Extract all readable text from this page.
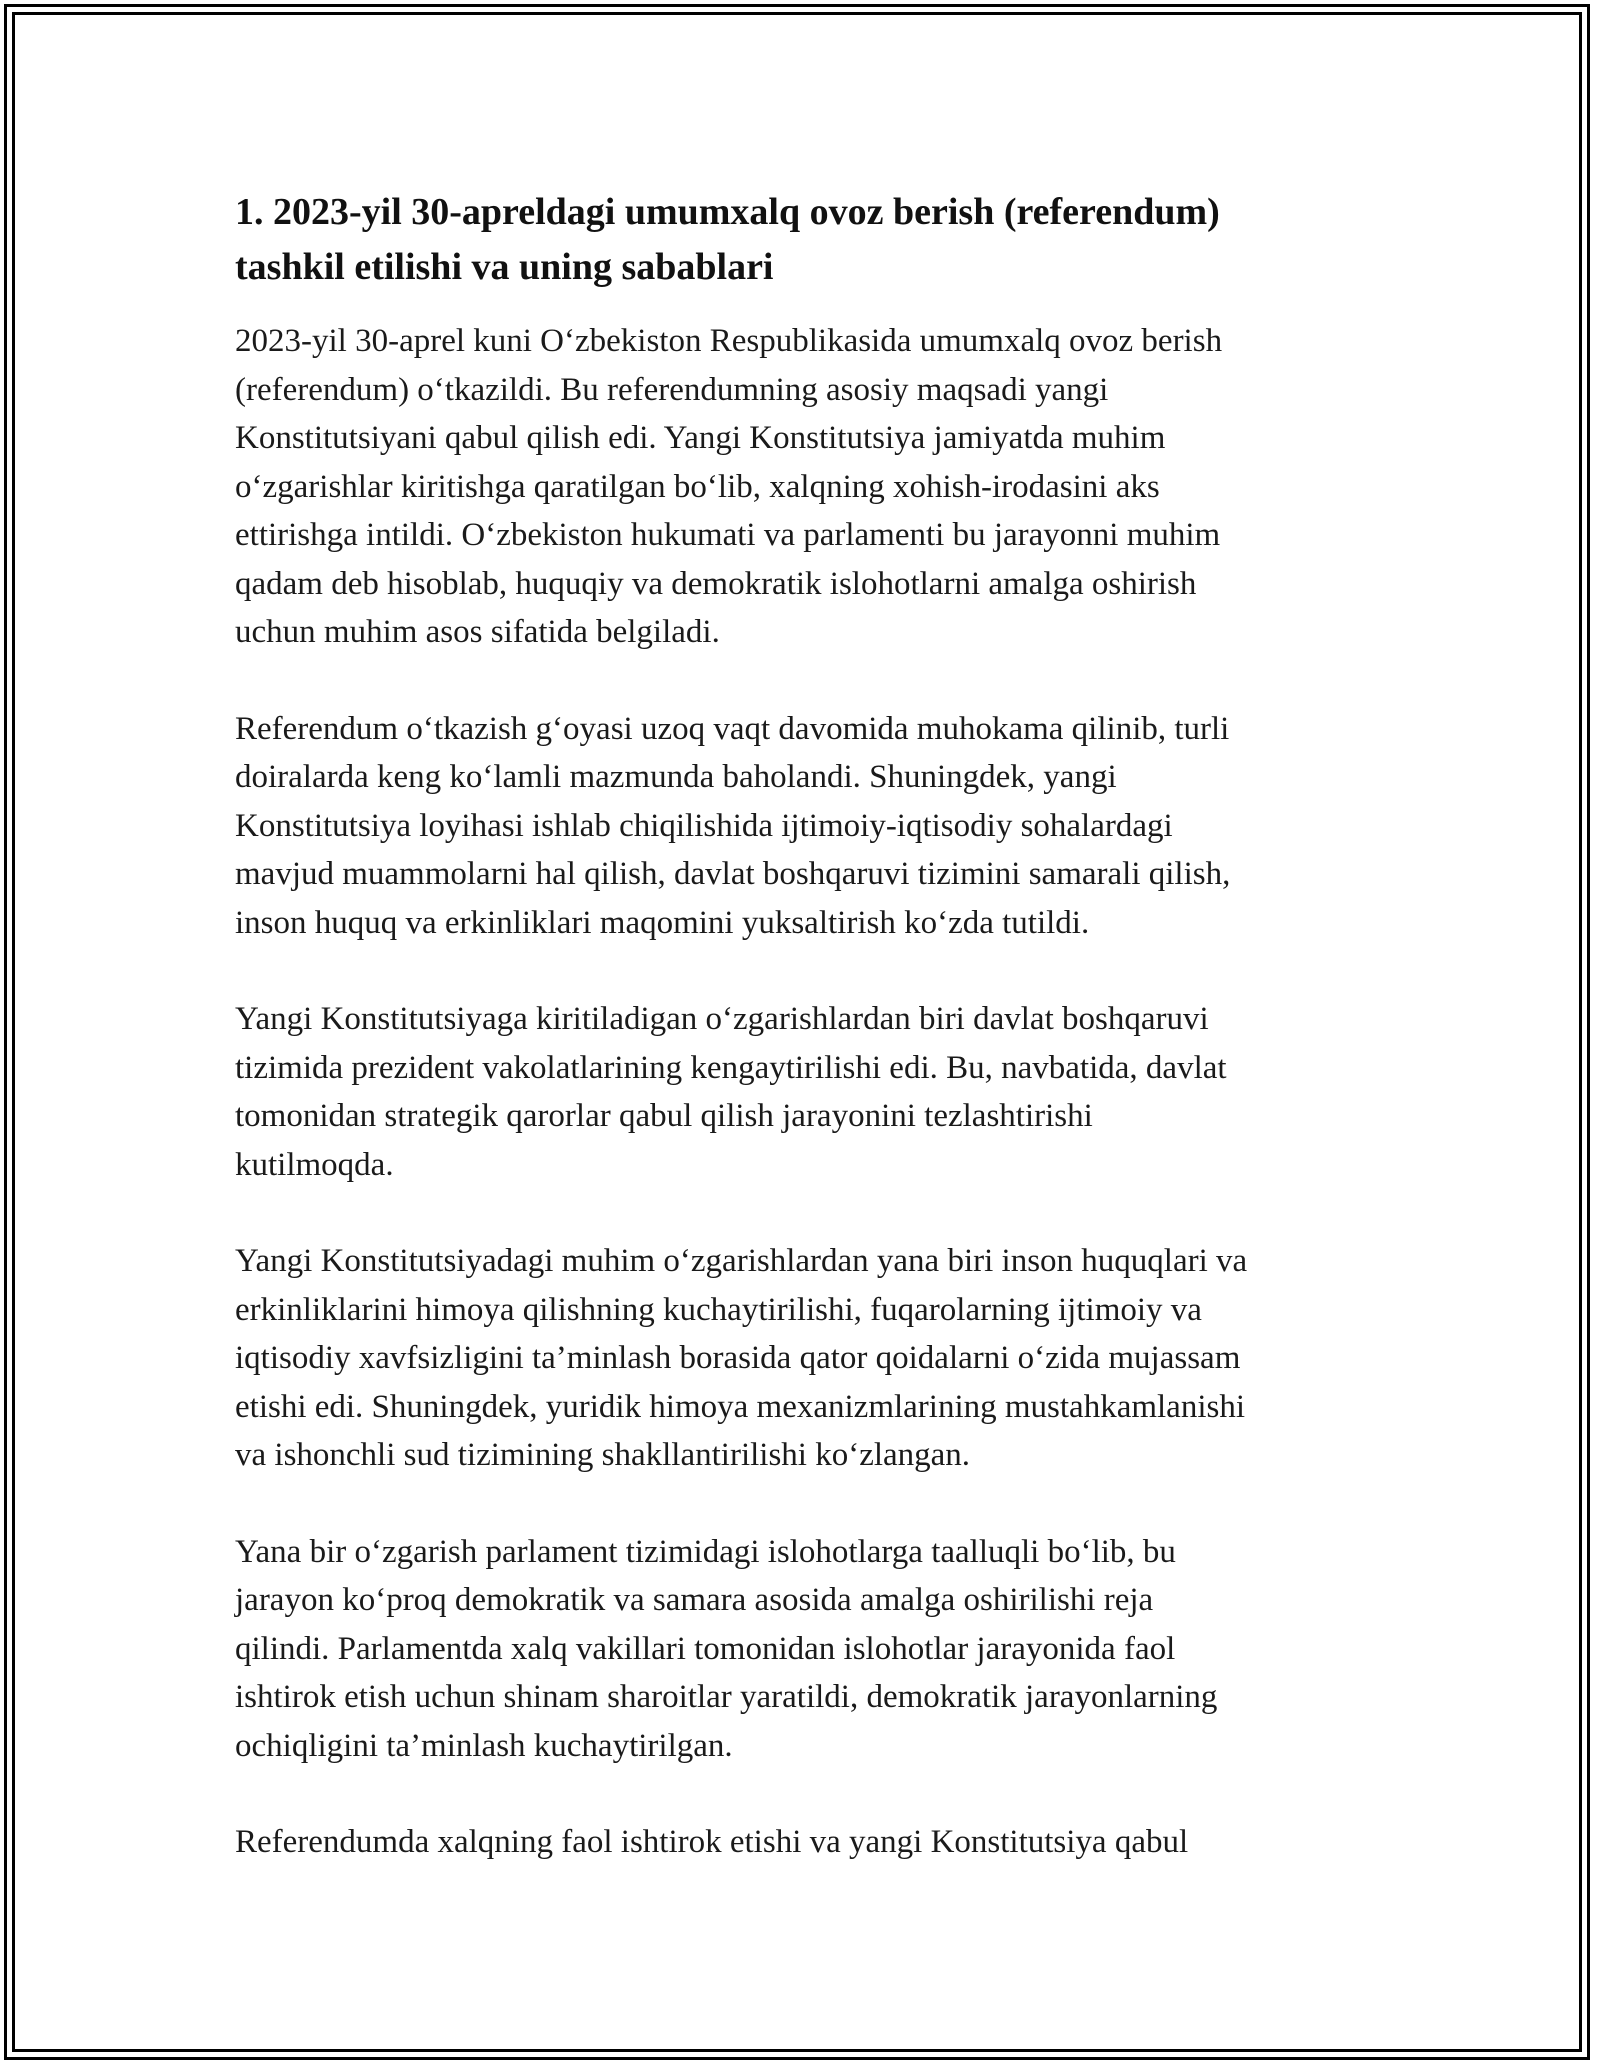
1. 2023-yil 30-apreldagi umumxalq ovoz berish (referendum)
tashkil etilishi va uning sabablari

2023-yil 30-aprel kuni O‘zbekiston Respublikasida umumxalq ovoz berish
(referendum) o‘tkazildi. Bu referendumning asosiy maqsadi yangi
Konstitutsiyani qabul qilish edi. Yangi Konstitutsiya jamiyatda muhim
o‘zgarishlar kiritishga qaratilgan bo‘lib, xalqning xohish-irodasini aks
ettirishga intildi. O‘zbekiston hukumati va parlamenti bu jarayonni muhim
qadam deb hisoblab, huquqiy va demokratik islohotlarni amalga oshirish
uchun muhim asos sifatida belgiladi.

Referendum o‘tkazish g‘oyasi uzoq vaqt davomida muhokama qilinib, turli
doiralarda keng ko‘lamli mazmunda baholandi. Shuningdek, yangi
Konstitutsiya loyihasi ishlab chiqilishida ijtimoiy-iqtisodiy sohalardagi
mavjud muammolarni hal qilish, davlat boshqaruvi tizimini samarali qilish,
inson huquq va erkinliklari maqomini yuksaltirish ko‘zda tutildi.

Yangi Konstitutsiyaga kiritiladigan o‘zgarishlardan biri davlat boshqaruvi
tizimida prezident vakolatlarining kengaytirilishi edi. Bu, navbatida, davlat
tomonidan strategik qarorlar qabul qilish jarayonini tezlashtirishi
kutilmoqda.

Yangi Konstitutsiyadagi muhim o‘zgarishlardan yana biri inson huquqlari va
erkinliklarini himoya qilishning kuchaytirilishi, fuqarolarning ijtimoiy va
iqtisodiy xavfsizligini ta’minlash borasida qator qoidalarni o‘zida mujassam
etishi edi. Shuningdek, yuridik himoya mexanizmlarining mustahkamlanishi
va ishonchli sud tizimining shakllantirilishi ko‘zlangan.

Yana bir o‘zgarish parlament tizimidagi islohotlarga taalluqli bo‘lib, bu
jarayon ko‘proq demokratik va samara asosida amalga oshirilishi reja
qilindi. Parlamentda xalq vakillari tomonidan islohotlar jarayonida faol
ishtirok etish uchun shinam sharoitlar yaratildi, demokratik jarayonlarning
ochiqligini ta’minlash kuchaytirilgan.

Referendumda xalqning faol ishtirok etishi va yangi Konstitutsiya qabul
